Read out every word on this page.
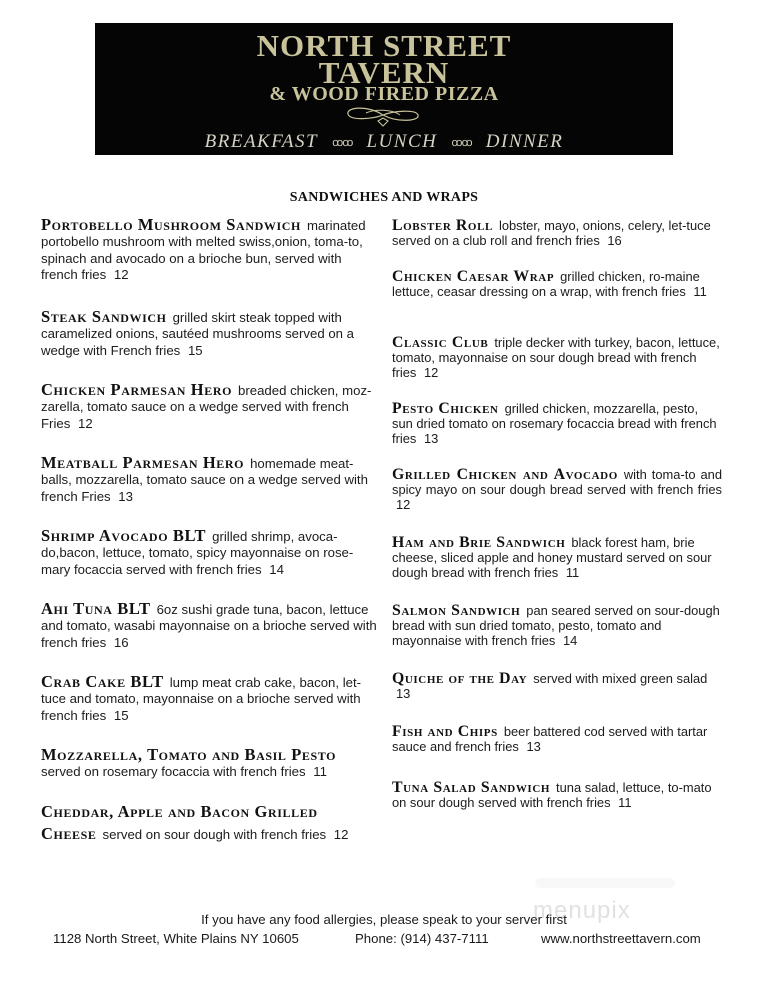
NORTH STREET
TAVERN
& WOOD FIRED PIZZA
BREAKFAST ꝏꝏ LUNCH ꝏꝏ DINNER
SANDWICHES AND WRAPS
Portobello Mushroom Sandwich marinated portobello mushroom with melted swiss,onion, toma-to, spinach and avocado on a brioche bun, served with french fries 12
Steak Sandwich grilled skirt steak topped with caramelized onions, sautéed mushrooms served on a wedge with French fries 15
Chicken Parmesan Hero breaded chicken, moz-zarella, tomato sauce on a wedge served with french Fries 12
Meatball Parmesan Hero homemade meat-balls, mozzarella, tomato sauce on a wedge served with french Fries 13
Shrimp Avocado BLT grilled shrimp, avoca-do,bacon, lettuce, tomato, spicy mayonnaise on rose-mary focaccia served with french fries 14
Ahi Tuna BLT 6oz sushi grade tuna, bacon, lettuce and tomato, wasabi mayonnaise on a brioche served with french fries 16
Crab Cake BLT lump meat crab cake, bacon, let-tuce and tomato, mayonnaise on a brioche served with french fries 15
Mozzarella, Tomato and Basil Pesto
served on rosemary focaccia with french fries 11
Cheddar, Apple and Bacon Grilled Cheese served on sour dough with french fries 12
Lobster Roll lobster, mayo, onions, celery, let-tuce served on a club roll and french fries 16
Chicken Caesar Wrap grilled chicken, ro-maine lettuce, ceasar dressing on a wrap, with french fries 11
Classic Club triple decker with turkey, bacon, lettuce, tomato, mayonnaise on sour dough bread with french fries 12
Pesto Chicken grilled chicken, mozzarella, pesto, sun dried tomato on rosemary focaccia bread with french fries 13
Grilled Chicken and Avocado with toma-to and spicy mayo on sour dough bread served with french fries 12
Ham and Brie Sandwich black forest ham, brie cheese, sliced apple and honey mustard served on sour dough bread with french fries 11
Salmon Sandwich pan seared served on sour-dough bread with sun dried tomato, pesto, tomato and mayonnaise with french fries 14
Quiche of the Day served with mixed green salad 13
Fish and Chips beer battered cod served with tartar sauce and french fries 13
Tuna Salad Sandwich tuna salad, lettuce, to-mato on sour dough served with french fries 11
menupix
If you have any food allergies, please speak to your server first
1128 North Street, White Plains NY 10605	Phone: (914) 437-7111	www.northstreettavern.com
